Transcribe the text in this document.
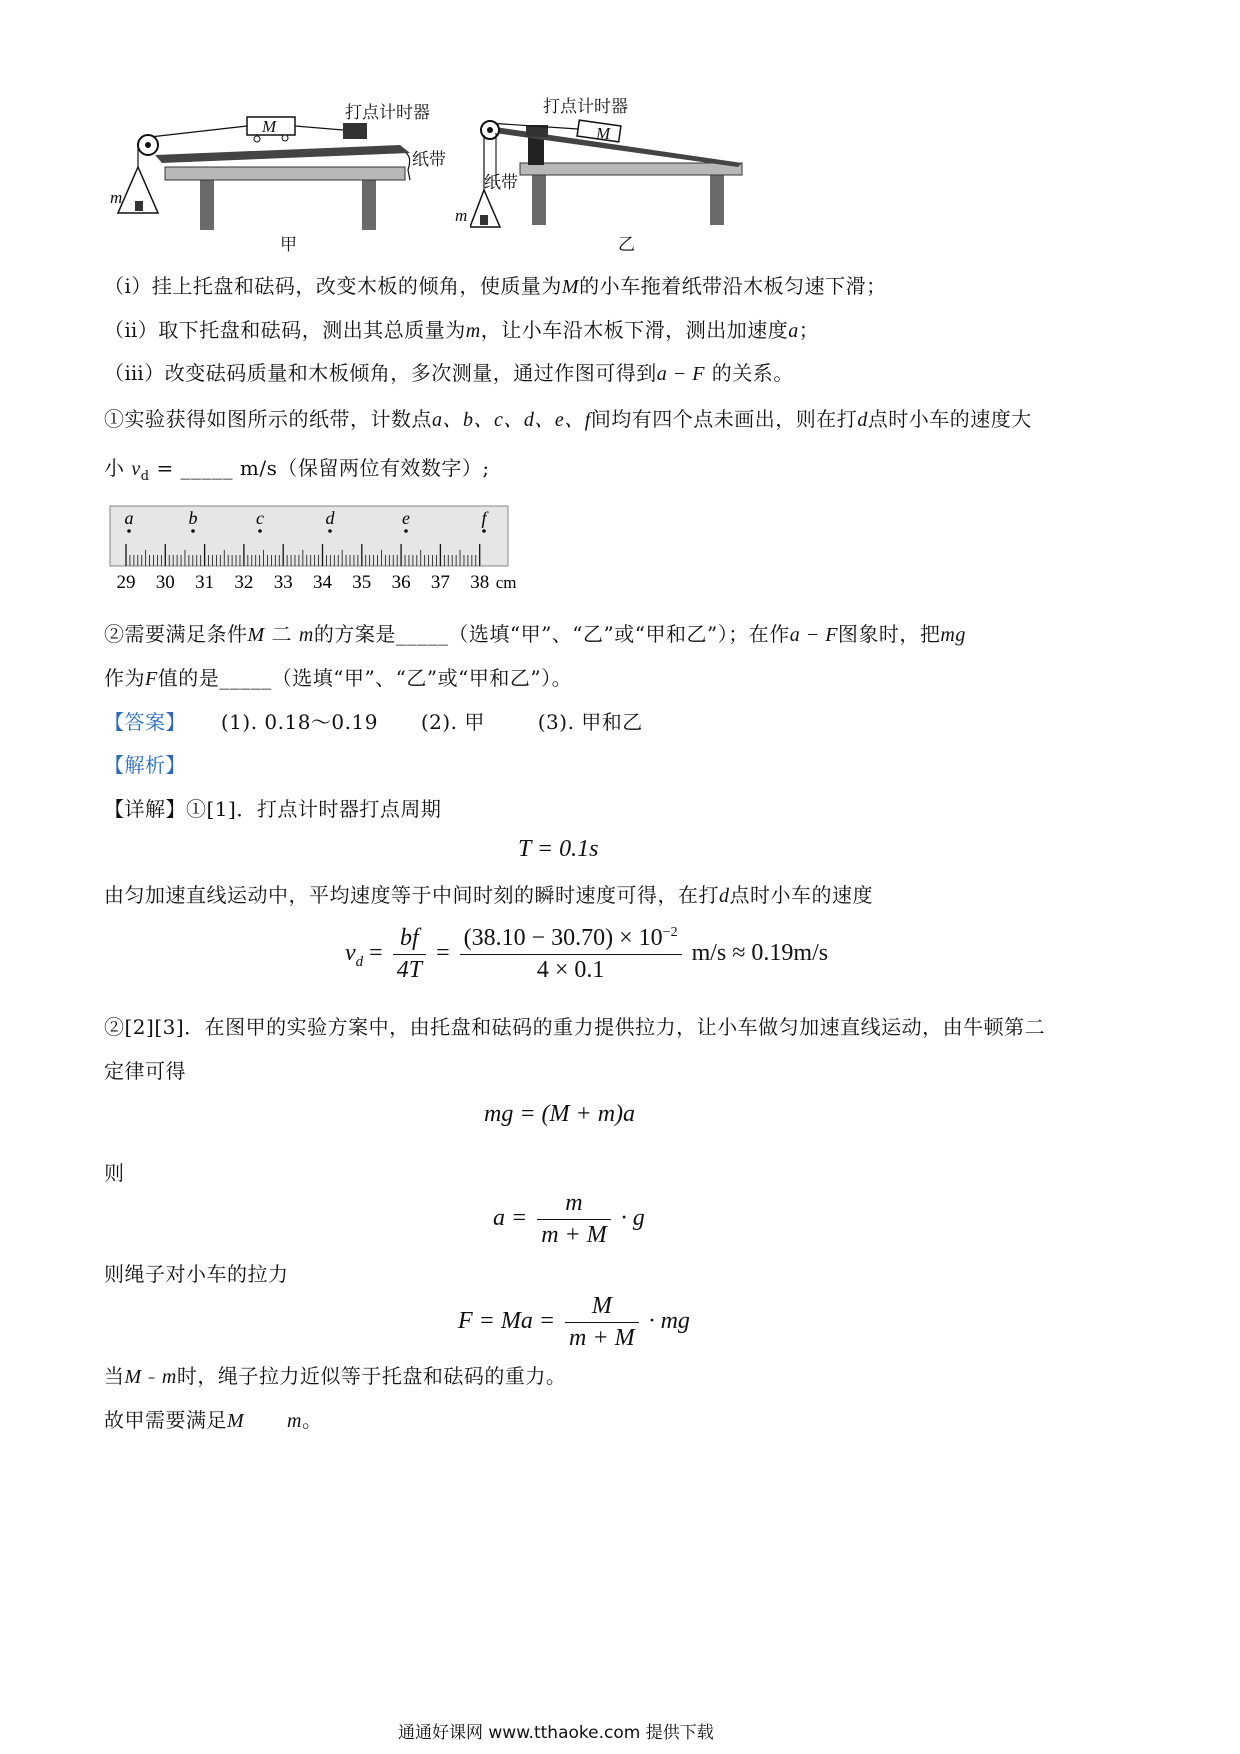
打点计时器
M
纸带
m
甲
打点计时器
M
纸带
m
乙
（ⅰ）挂上托盘和砝码，改变木板的倾角，使质量为M的小车拖着纸带沿木板匀速下滑；
（ⅱ）取下托盘和砝码，测出其总质量为m，让小车沿木板下滑，测出加速度a；
（ⅲ）改变砝码质量和木板倾角，多次测量，通过作图可得到a − F 的关系。
①实验获得如图所示的纸带，计数点a、b、c、d、e、f间均有四个点未画出，则在打d点时小车的速度大
小 $v_d$ = _____ m/s（保留两位有效数字）;
a	b	c	d	e	f
29 30 31 32 33 34 35 36 37 38 cm
②需要满足条件M ⼆ m的方案是_____（选填“甲”、“乙”或“甲和乙”）；在作a − F图象时，把mg
作为F值的是_____（选填“甲”、“乙”或“甲和乙”）。
【答案】 (1). 0.18～0.19 (2). 甲	(3). 甲和乙
【解析】
【详解】①[1]．打点计时器打点周期
T = 0.1s
由匀加速直线运动中，平均速度等于中间时刻的瞬时速度可得，在打d点时小车的速度
$v_d = \frac{bf}{4T} = \frac{(38.10 - 30.70) \times 10^{-2}}{4 \times 0.1} m/s \approx 0.19m/s$
②[2][3]．在图甲的实验方案中，由托盘和砝码的重力提供拉力，让小车做匀加速直线运动，由牛顿第二
定律可得
mg = (M + m)a
则
$a = \frac{m}{m + M} \cdot g$
则绳子对小车的拉力
$F = Ma = \frac{M}{m + M}$ · mg
当M ⎯ m时，绳子拉力近似等于托盘和砝码的重力。
故甲需要满足M m。
通通好课网 www.tthaoke.com 提供下载
